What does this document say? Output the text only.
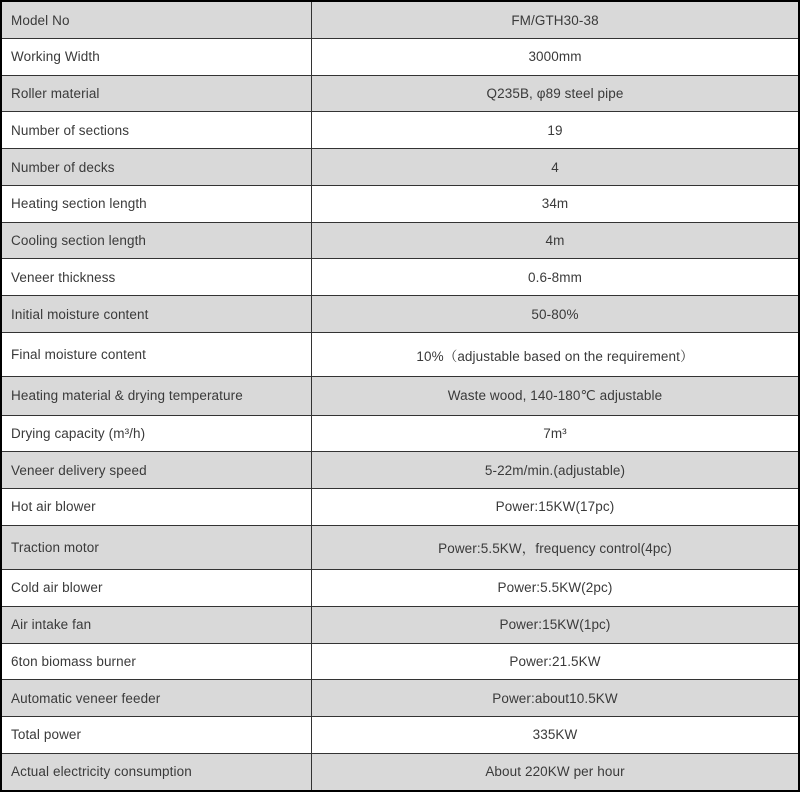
Model No	FM/GTH30-38
Working Width	3000mm
Roller material	Q235B, φ89 steel pipe
Number of sections	19
Number of decks	4
Heating section length	34m
Cooling section length	4m
Veneer thickness	0.6-8mm
Initial moisture content	50-80%
Final moisture content	10%（adjustable based on the requirement）
Heating material & drying temperature	Waste wood, 140-180℃ adjustable
Drying capacity (m³/h)	7m³
Veneer delivery speed	5-22m/min.(adjustable)
Hot air blower	Power:15KW(17pc)
Traction motor	Power:5.5KW，frequency control(4pc)
Cold air blower	Power:5.5KW(2pc)
Air intake fan	Power:15KW(1pc)
6ton biomass burner	Power:21.5KW
Automatic veneer feeder	Power:about10.5KW
Total power	335KW
Actual electricity consumption	About 220KW per hour
